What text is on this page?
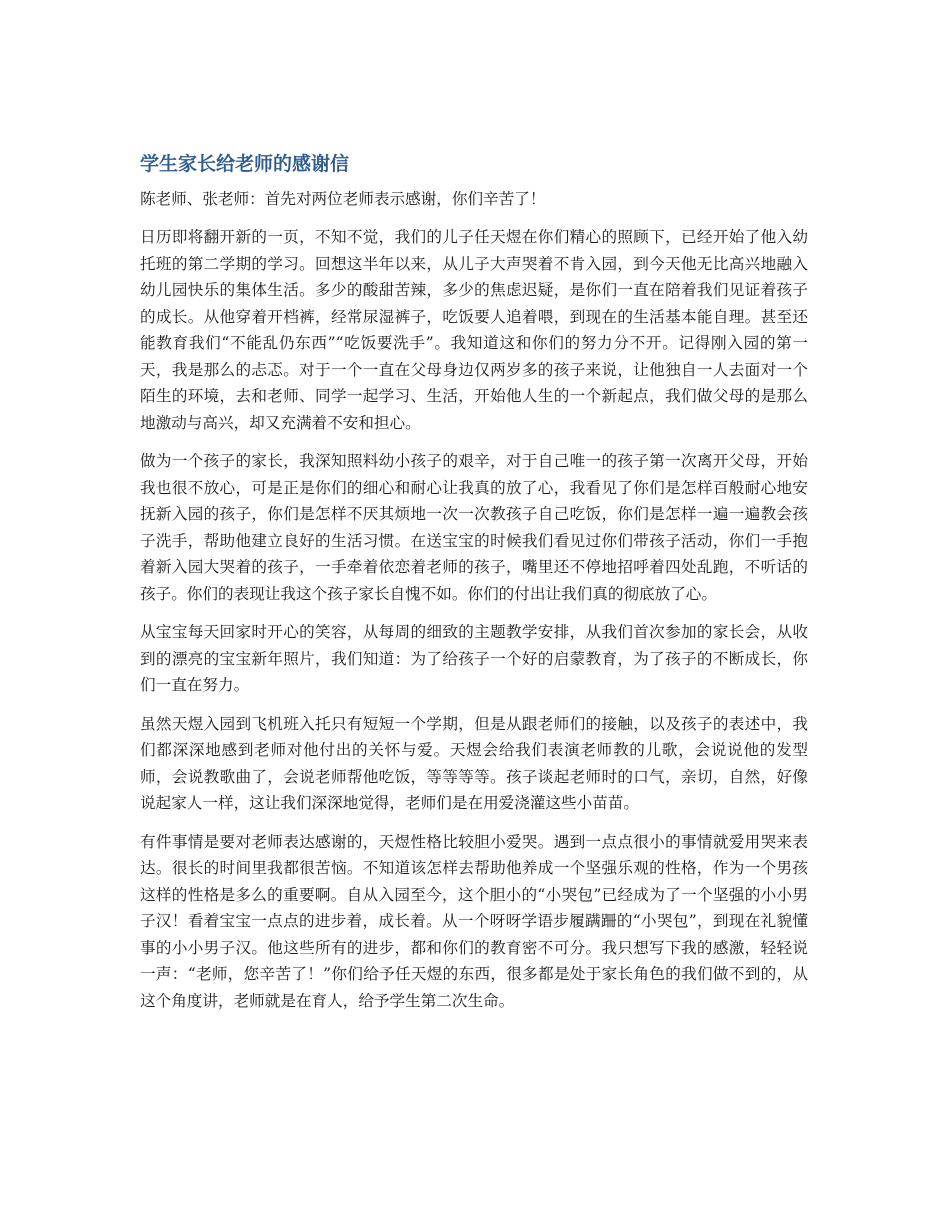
学生家长给老师的感谢信

陈老师、张老师：首先对两位老师表示感谢，你们辛苦了！

日历即将翻开新的一页，不知不觉，我们的儿子任天煜在你们精心的照顾下，已经开始了他入幼托班的第二学期的学习。回想这半年以来，从儿子大声哭着不肯入园，到今天他无比高兴地融入幼儿园快乐的集体生活。多少的酸甜苦辣，多少的焦虑迟疑，是你们一直在陪着我们见证着孩子的成长。从他穿着开档裤，经常尿湿裤子，吃饭要人追着喂，到现在的生活基本能自理。甚至还能教育我们“不能乱仍东西”“吃饭要洗手”。我知道这和你们的努力分不开。记得刚入园的第一天，我是那么的忐忑。对于一个一直在父母身边仅两岁多的孩子来说，让他独自一人去面对一个陌生的环境，去和老师、同学一起学习、生活，开始他人生的一个新起点，我们做父母的是那么地激动与高兴，却又充满着不安和担心。

做为一个孩子的家长，我深知照料幼小孩子的艰辛，对于自己唯一的孩子第一次离开父母，开始我也很不放心，可是正是你们的细心和耐心让我真的放了心，我看见了你们是怎样百般耐心地安抚新入园的孩子，你们是怎样不厌其烦地一次一次教孩子自己吃饭，你们是怎样一遍一遍教会孩子洗手，帮助他建立良好的生活习惯。在送宝宝的时候我们看见过你们带孩子活动，你们一手抱着新入园大哭着的孩子，一手牵着依恋着老师的孩子，嘴里还不停地招呼着四处乱跑，不听话的孩子。你们的表现让我这个孩子家长自愧不如。你们的付出让我们真的彻底放了心。

从宝宝每天回家时开心的笑容，从每周的细致的主题教学安排，从我们首次参加的家长会，从收到的漂亮的宝宝新年照片，我们知道：为了给孩子一个好的启蒙教育，为了孩子的不断成长，你们一直在努力。

虽然天煜入园到飞机班入托只有短短一个学期，但是从跟老师们的接触，以及孩子的表述中，我们都深深地感到老师对他付出的关怀与爱。天煜会给我们表演老师教的儿歌，会说说他的发型师，会说教歌曲了，会说老师帮他吃饭，等等等等。孩子谈起老师时的口气，亲切，自然，好像说起家人一样，这让我们深深地觉得，老师们是在用爱浇灌这些小苗苗。

有件事情是要对老师表达感谢的，天煜性格比较胆小爱哭。遇到一点点很小的事情就爱用哭来表达。很长的时间里我都很苦恼。不知道该怎样去帮助他养成一个坚强乐观的性格，作为一个男孩这样的性格是多么的重要啊。自从入园至今，这个胆小的“小哭包”已经成为了一个坚强的小小男子汉！看着宝宝一点点的进步着，成长着。从一个呀呀学语步履蹒跚的“小哭包”，到现在礼貌懂事的小小男子汉。他这些所有的进步，都和你们的教育密不可分。我只想写下我的感激，轻轻说一声：“老师，您辛苦了！”你们给予任天煜的东西，很多都是处于家长角色的我们做不到的，从这个角度讲，老师就是在育人，给予学生第二次生命。
